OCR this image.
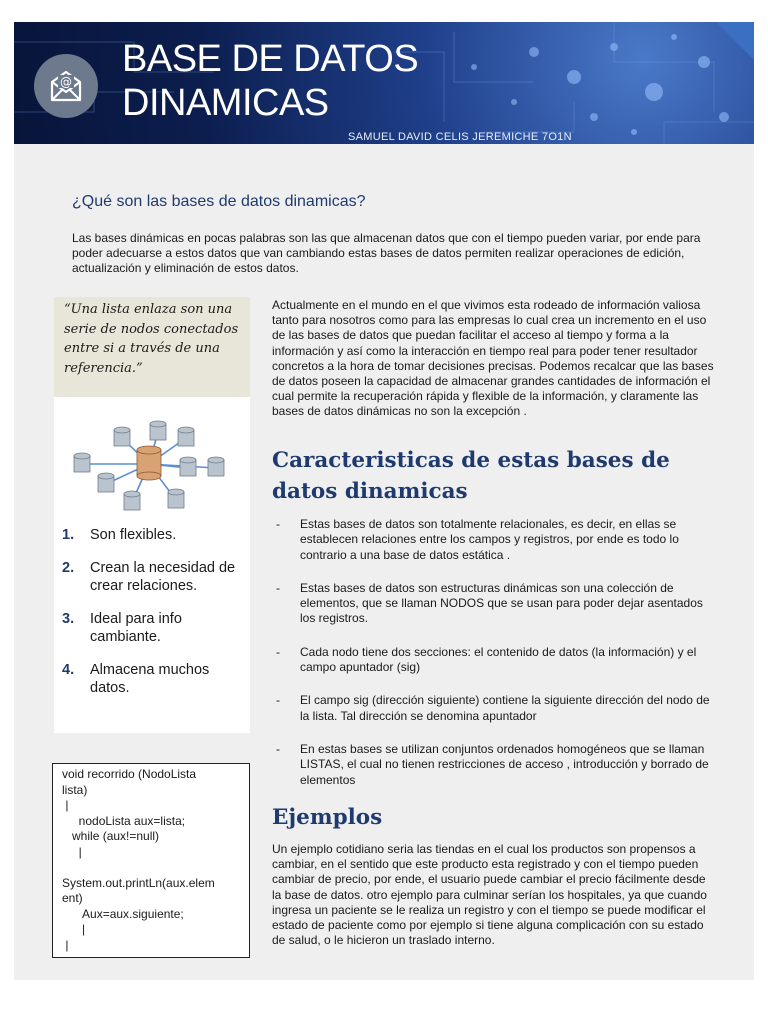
@
BASE DE DATOS
DINAMICAS
SAMUEL DAVID CELIS JEREMICHE 7O1N
¿Qué son las bases de datos dinamicas?
Las bases dinámicas en pocas palabras son las que almacenan datos que con el tiempo pueden variar, por ende para poder adecuarse a estos datos que van cambiando estas bases de datos permiten realizar operaciones de edición, actualización y eliminación de estos datos.
“Una lista enlaza son una serie de nodos conectados entre si a través de una referencia.”
1. Son flexibles.
2. Crean la necesidad de crear relaciones.
3. Ideal para info cambiante.
4. Almacena muchos datos.
void recorrido (NodoLista
lista)
|
nodoLista aux=lista;
while (aux!=null)
|

System.out.printLn(aux.elem
ent)
Aux=aux.siguiente;
|
|
Actualmente en el mundo en el que vivimos esta rodeado de información valiosa tanto para nosotros como para las empresas lo cual crea un incremento en el uso de las bases de datos que puedan facilitar el acceso al tiempo y forma a la información y así como la interacción en tiempo real para poder tener resultador concretos a la hora de tomar decisiones precisas. Podemos recalcar que las bases de datos poseen la capacidad de almacenar grandes cantidades de información el cual permite la recuperación rápida y flexible de la información, y claramente las bases de datos dinámicas no son la excepción .
Caracteristicas de estas bases de datos dinamicas
- Estas bases de datos son totalmente relacionales, es decir, en ellas se establecen relaciones entre los campos y registros, por ende es todo lo contrario a una base de datos estática .
- Estas bases de datos son estructuras dinámicas son una colección de elementos, que se llaman NODOS que se usan para poder dejar asentados los registros.
- Cada nodo tiene dos secciones: el contenido de datos (la información) y el campo apuntador (sig)
- El campo sig (dirección siguiente) contiene la siguiente dirección del nodo de la lista. Tal dirección se denomina apuntador
- En estas bases se utilizan conjuntos ordenados homogéneos que se llaman LISTAS, el cual no tienen restricciones de acceso , introducción y borrado de elementos
Ejemplos
Un ejemplo cotidiano seria las tiendas en el cual los productos son propensos a cambiar, en el sentido que este producto esta registrado y con el tiempo pueden cambiar de precio, por ende, el usuario puede cambiar el precio fácilmente desde la base de datos. otro ejemplo para culminar serían los hospitales, ya que cuando ingresa un paciente se le realiza un registro y con el tiempo se puede modificar el estado de paciente como por ejemplo si tiene alguna complicación con su estado de salud, o le hicieron un traslado interno.
